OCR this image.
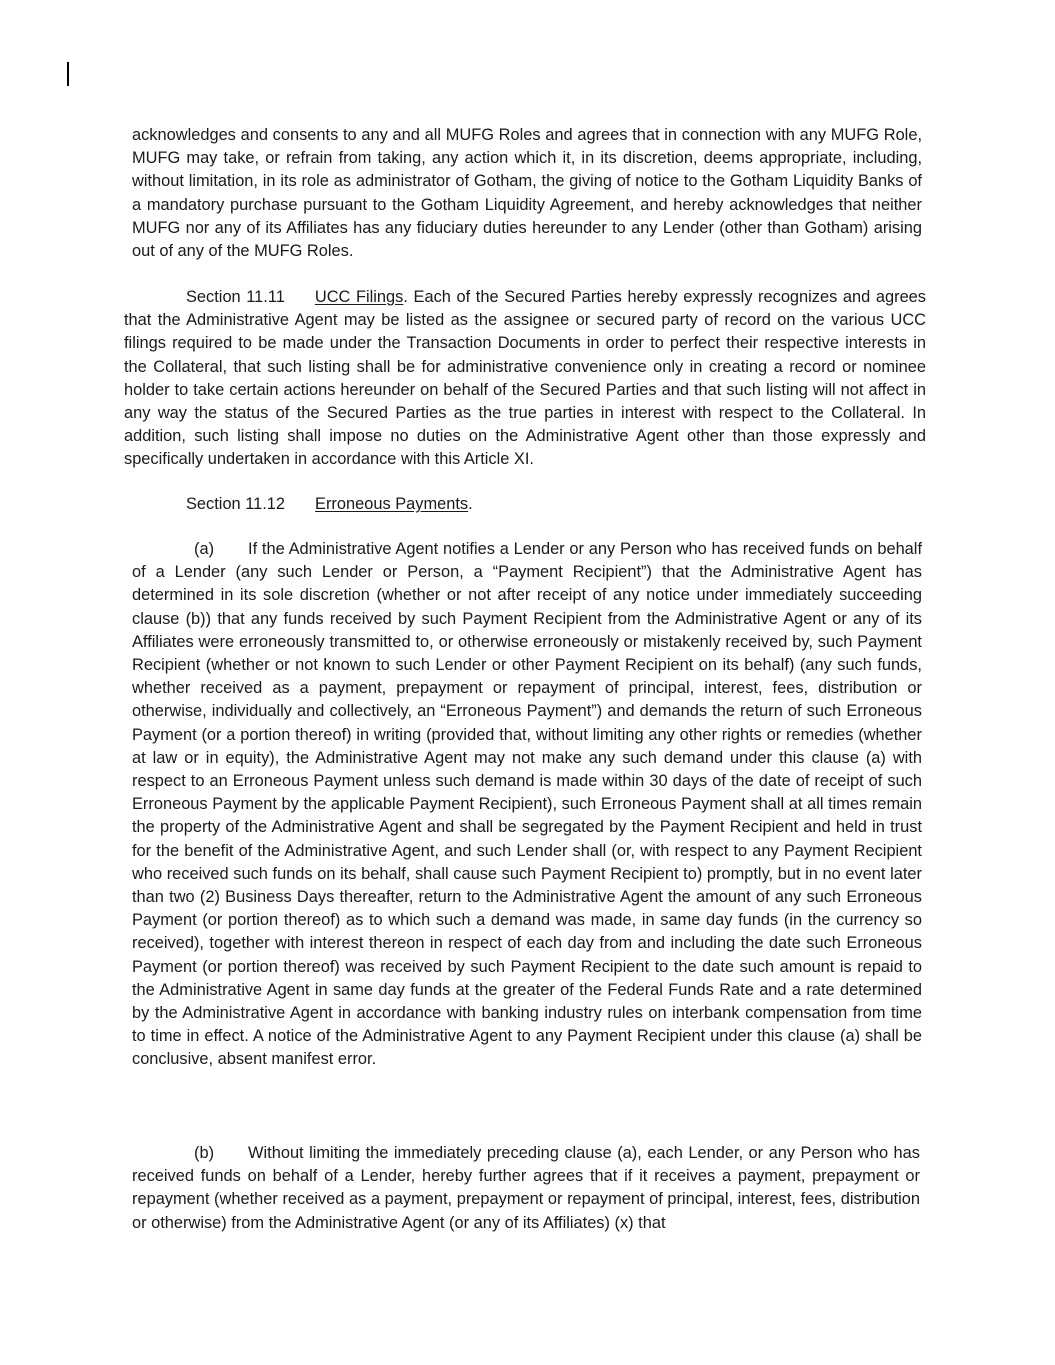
acknowledges and consents to any and all MUFG Roles and agrees that in connection with any MUFG Role, MUFG may take, or refrain from taking, any action which it, in its discretion, deems appropriate, including, without limitation, in its role as administrator of Gotham, the giving of notice to the Gotham Liquidity Banks of a mandatory purchase pursuant to the Gotham Liquidity Agreement, and hereby acknowledges that neither MUFG nor any of its Affiliates has any fiduciary duties hereunder to any Lender (other than Gotham) arising out of any of the MUFG Roles.

Section 11.11 UCC Filings. Each of the Secured Parties hereby expressly recognizes and agrees that the Administrative Agent may be listed as the assignee or secured party of record on the various UCC filings required to be made under the Transaction Documents in order to perfect their respective interests in the Collateral, that such listing shall be for administrative convenience only in creating a record or nominee holder to take certain actions hereunder on behalf of the Secured Parties and that such listing will not affect in any way the status of the Secured Parties as the true parties in interest with respect to the Collateral. In addition, such listing shall impose no duties on the Administrative Agent other than those expressly and specifically undertaken in accordance with this Article XI.

Section 11.12 Erroneous Payments.

(a) If the Administrative Agent notifies a Lender or any Person who has received funds on behalf of a Lender (any such Lender or Person, a “Payment Recipient”) that the Administrative Agent has determined in its sole discretion (whether or not after receipt of any notice under immediately succeeding clause (b)) that any funds received by such Payment Recipient from the Administrative Agent or any of its Affiliates were erroneously transmitted to, or otherwise erroneously or mistakenly received by, such Payment Recipient (whether or not known to such Lender or other Payment Recipient on its behalf) (any such funds, whether received as a payment, prepayment or repayment of principal, interest, fees, distribution or otherwise, individually and collectively, an “Erroneous Payment”) and demands the return of such Erroneous Payment (or a portion thereof) in writing (provided that, without limiting any other rights or remedies (whether at law or in equity), the Administrative Agent may not make any such demand under this clause (a) with respect to an Erroneous Payment unless such demand is made within 30 days of the date of receipt of such Erroneous Payment by the applicable Payment Recipient), such Erroneous Payment shall at all times remain the property of the Administrative Agent and shall be segregated by the Payment Recipient and held in trust for the benefit of the Administrative Agent, and such Lender shall (or, with respect to any Payment Recipient who received such funds on its behalf, shall cause such Payment Recipient to) promptly, but in no event later than two (2) Business Days thereafter, return to the Administrative Agent the amount of any such Erroneous Payment (or portion thereof) as to which such a demand was made, in same day funds (in the currency so received), together with interest thereon in respect of each day from and including the date such Erroneous Payment (or portion thereof) was received by such Payment Recipient to the date such amount is repaid to the Administrative Agent in same day funds at the greater of the Federal Funds Rate and a rate determined by the Administrative Agent in accordance with banking industry rules on interbank compensation from time to time in effect. A notice of the Administrative Agent to any Payment Recipient under this clause (a) shall be conclusive, absent manifest error.

(b) Without limiting the immediately preceding clause (a), each Lender, or any Person who has received funds on behalf of a Lender, hereby further agrees that if it receives a payment, prepayment or repayment (whether received as a payment, prepayment or repayment of principal, interest, fees, distribution or otherwise) from the Administrative Agent (or any of its Affiliates) (x) that
